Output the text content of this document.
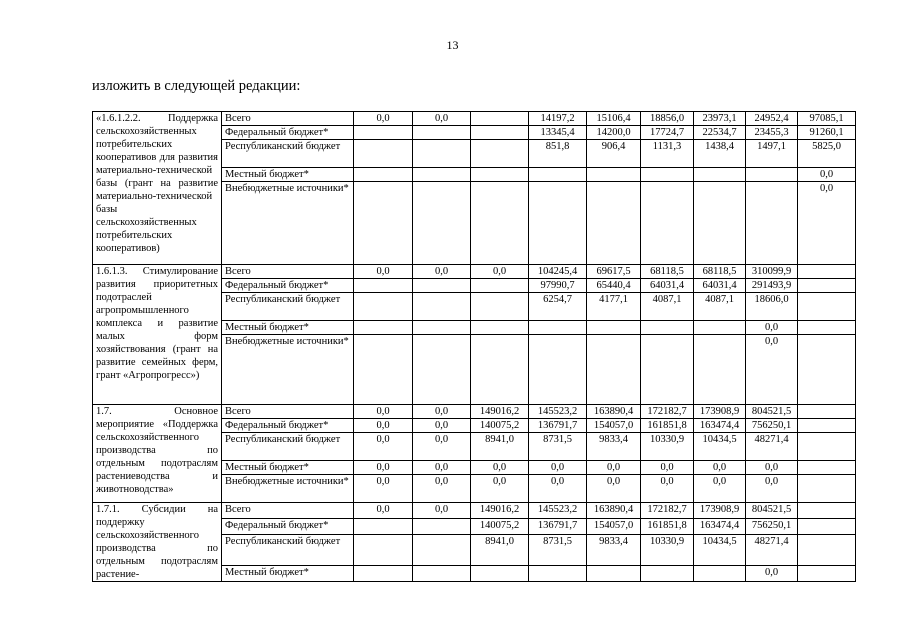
13
изложить в следующей редакции:
«1.6.1.2.2. Поддержка сельскохозяйственных потребительских кооперативов для развития материально-технической базы (грант на развитие материально-технической базы сельскохозяйственных потребительских кооперативов)	Всего	0,0	0,0		14197,2	15106,4	18856,0	23973,1	24952,4	97085,1
	Федеральный бюджет*				13345,4	14200,0	17724,7	22534,7	23455,3	91260,1
	Республиканский бюджет				851,8	906,4	1131,3	1438,4	1497,1	5825,0
	Местный бюджет*									0,0
	Внебюджетные источники*									0,0
1.6.1.3. Стимулирование развития приоритетных подотраслей агропромышленного комплекса и развитие малых форм хозяйствования (грант на развитие семейных ферм, грант «Агропрогресс»)	Всего	0,0	0,0	0,0	104245,4	69617,5	68118,5	68118,5	310099,9	
	Федеральный бюджет*				97990,7	65440,4	64031,4	64031,4	291493,9	
	Республиканский бюджет				6254,7	4177,1	4087,1	4087,1	18606,0	
	Местный бюджет*								0,0	
	Внебюджетные источники*								0,0	
1.7. Основное мероприятие «Поддержка сельскохозяйственного производства по отдельным подотраслям растениеводства и животноводства»	Всего	0,0	0,0	149016,2	145523,2	163890,4	172182,7	173908,9	804521,5	
	Федеральный бюджет*	0,0	0,0	140075,2	136791,7	154057,0	161851,8	163474,4	756250,1	
	Республиканский бюджет	0,0	0,0	8941,0	8731,5	9833,4	10330,9	10434,5	48271,4	
	Местный бюджет*	0,0	0,0	0,0	0,0	0,0	0,0	0,0	0,0	
	Внебюджетные источники*	0,0	0,0	0,0	0,0	0,0	0,0	0,0	0,0	
1.7.1. Субсидии на поддержку сельскохозяйственного производства по отдельным подотраслям растение-	Всего	0,0	0,0	149016,2	145523,2	163890,4	172182,7	173908,9	804521,5	
	Федеральный бюджет*			140075,2	136791,7	154057,0	161851,8	163474,4	756250,1	
	Республиканский бюджет			8941,0	8731,5	9833,4	10330,9	10434,5	48271,4	
	Местный бюджет*								0,0	
